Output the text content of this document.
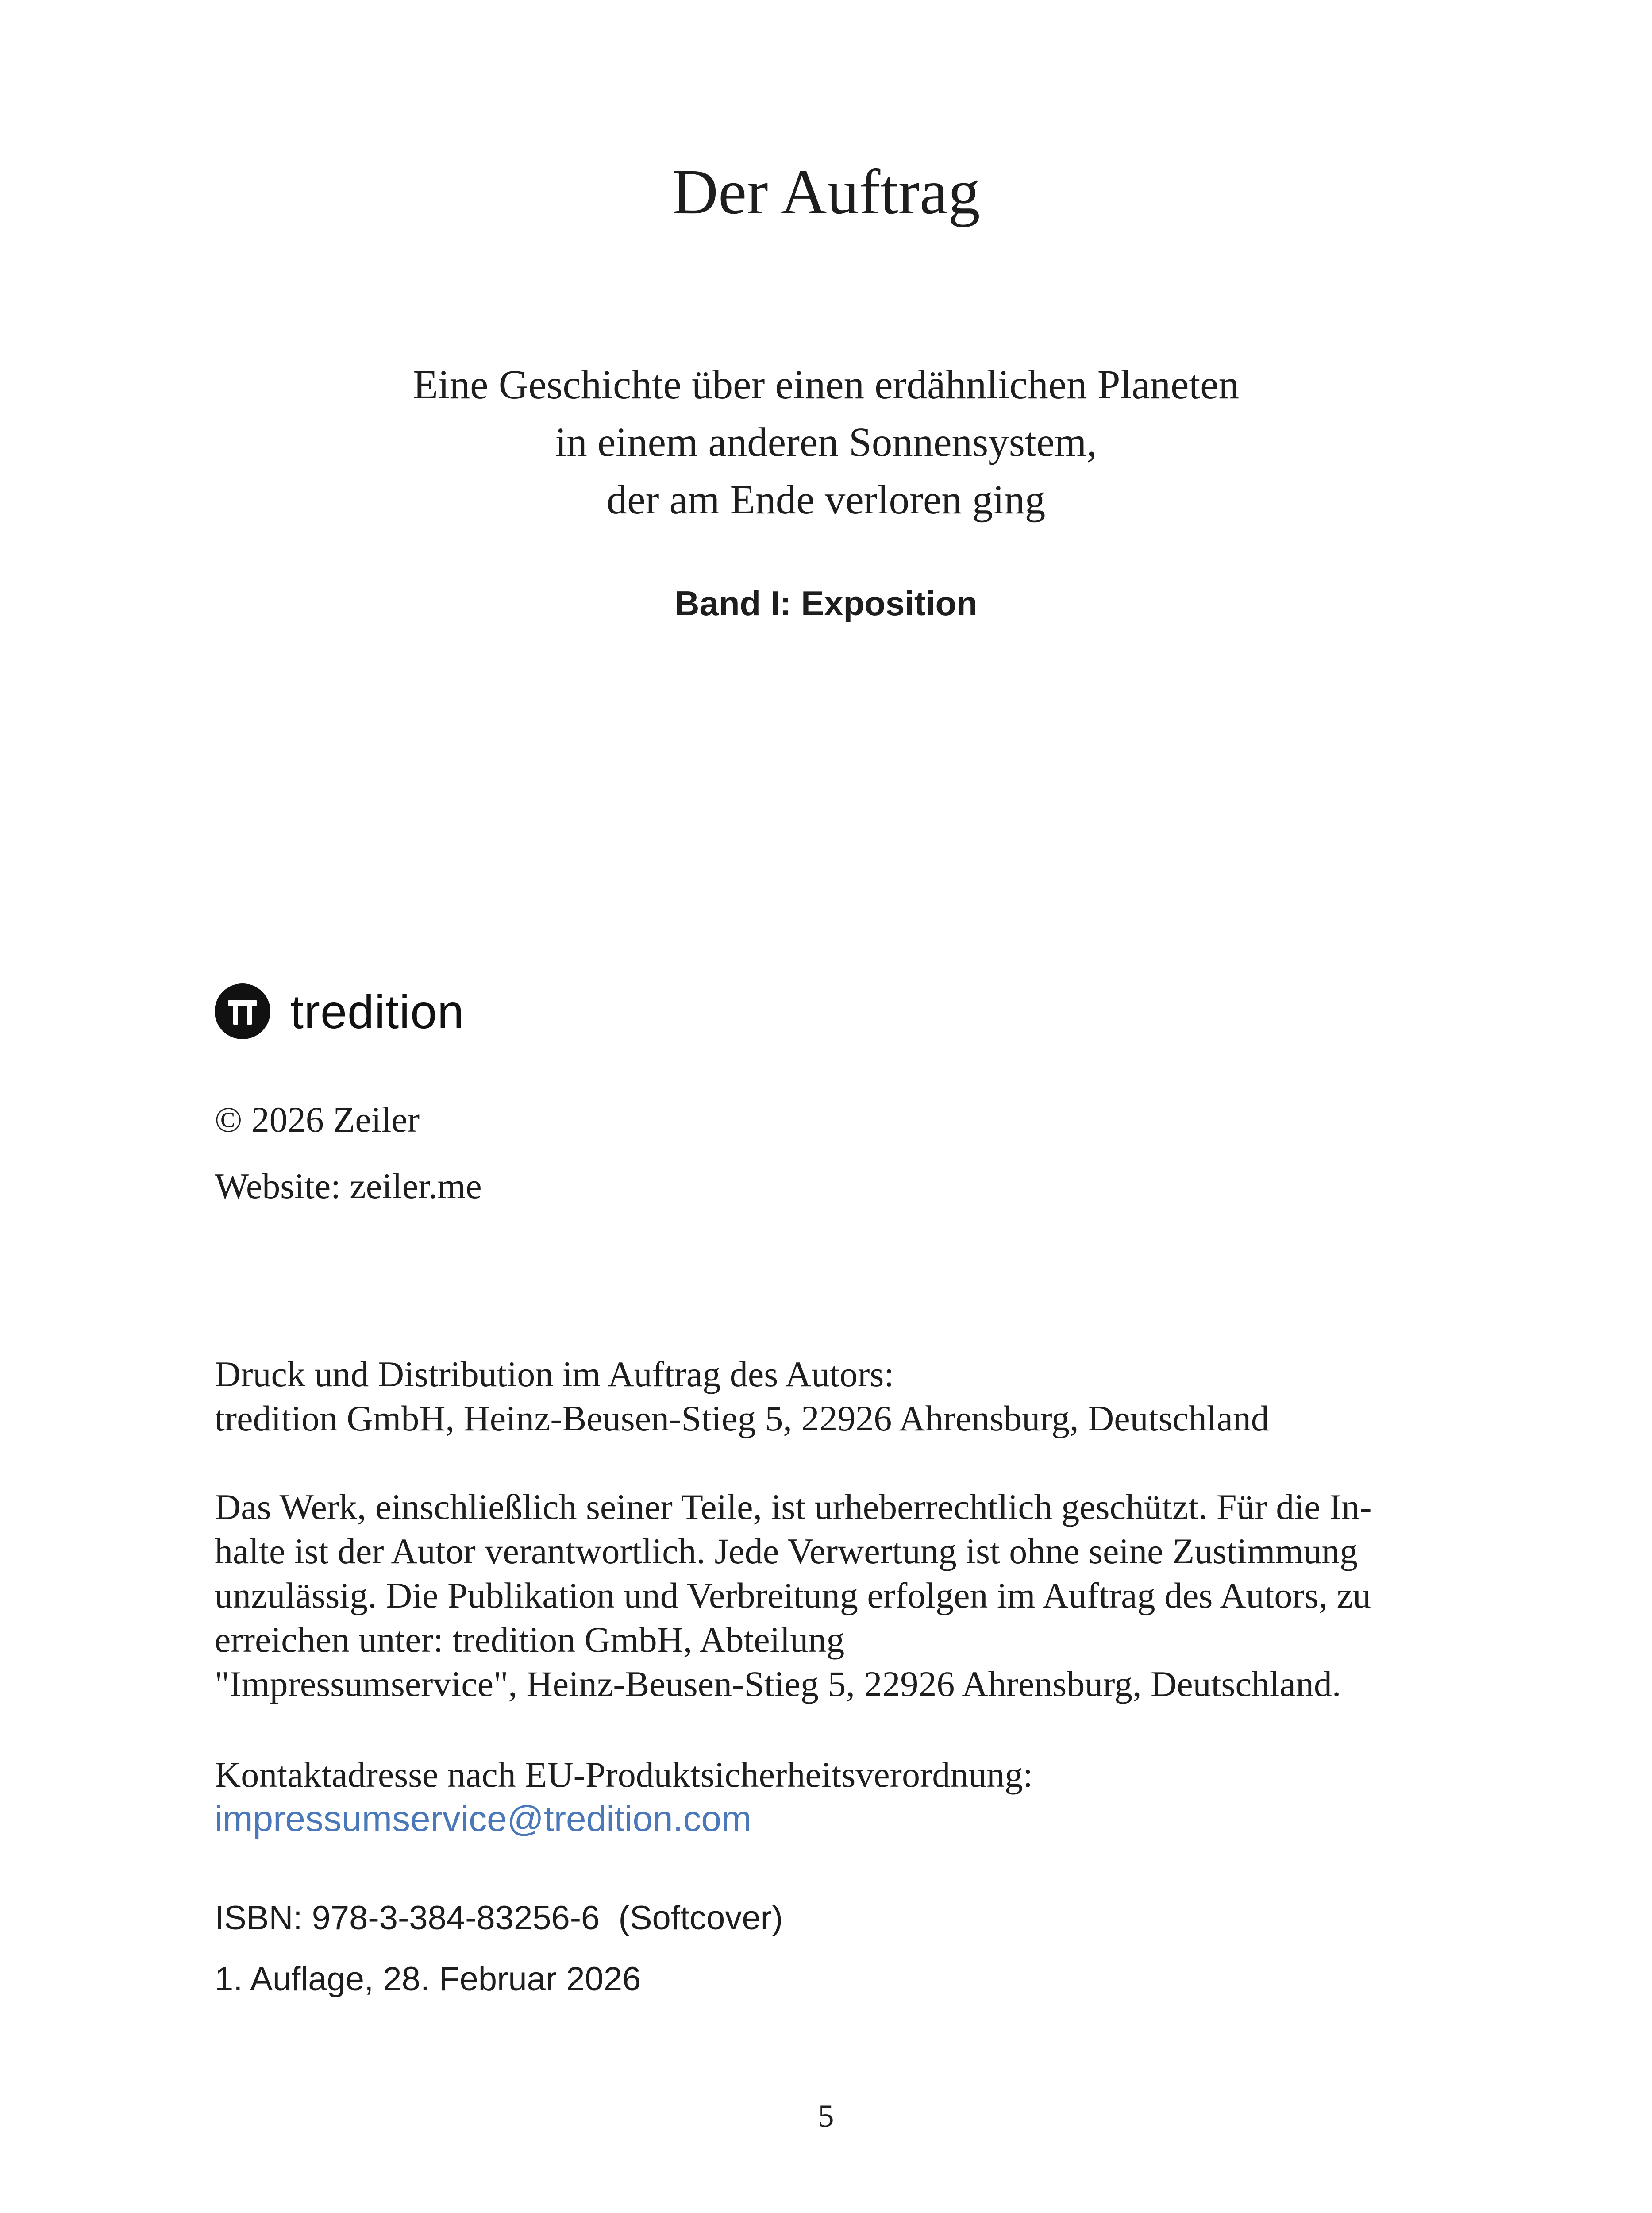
Der Auftrag
Eine Geschichte über einen erdähnlichen Planeten
in einem anderen Sonnensystem,
der am Ende verloren ging
Band I: Exposition
tredition
© 2026 Zeiler
Website: zeiler.me
Druck und Distribution im Auftrag des Autors:
tredition GmbH, Heinz-Beusen-Stieg 5, 22926 Ahrensburg, Deutschland
Das Werk, einschließlich seiner Teile, ist urheberrechtlich geschützt. Für die In-
halte ist der Autor verantwortlich. Jede Verwertung ist ohne seine Zustimmung
unzulässig. Die Publikation und Verbreitung erfolgen im Auftrag des Autors, zu
erreichen unter: tredition GmbH, Abteilung
"Impressumservice", Heinz-Beusen-Stieg 5, 22926 Ahrensburg, Deutschland.
Kontaktadresse nach EU-Produktsicherheitsverordnung:
impressumservice@tredition.com
ISBN: 978-3-384-83256-6  (Softcover)
1. Auflage, 28. Februar 2026
5
